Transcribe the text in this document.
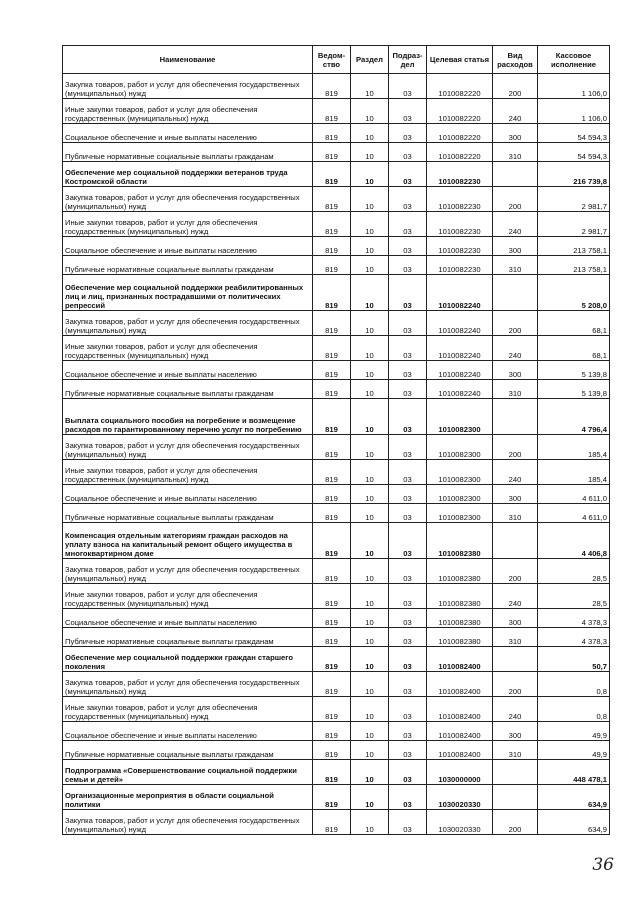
Наименование	Ведом-ство	Раздел	Подраз-дел	Целевая статья	Вид расходов	Кассовое исполнение
Закупка товаров, работ и услуг для обеспечения государственных (муниципальных) нужд	819	10	03	1010082220	200	1 106,0
Иные закупки товаров, работ и услуг для обеспечения государственных (муниципальных) нужд	819	10	03	1010082220	240	1 106,0
Социальное обеспечение и иные выплаты населению	819	10	03	1010082220	300	54 594,3
Публичные нормативные социальные выплаты гражданам	819	10	03	1010082220	310	54 594,3
Обеспечение мер социальной поддержки ветеранов труда Костромской области	819	10	03	1010082230		216 739,8
Закупка товаров, работ и услуг для обеспечения государственных (муниципальных) нужд	819	10	03	1010082230	200	2 981,7
Иные закупки товаров, работ и услуг для обеспечения государственных (муниципальных) нужд	819	10	03	1010082230	240	2 981,7
Социальное обеспечение и иные выплаты населению	819	10	03	1010082230	300	213 758,1
Публичные нормативные социальные выплаты гражданам	819	10	03	1010082230	310	213 758,1
Обеспечение мер социальной поддержки реабилитированных лиц и лиц, признанных пострадавшими от политических репрессий	819	10	03	1010082240		5 208,0
Закупка товаров, работ и услуг для обеспечения государственных (муниципальных) нужд	819	10	03	1010082240	200	68,1
Иные закупки товаров, работ и услуг для обеспечения государственных (муниципальных) нужд	819	10	03	1010082240	240	68,1
Социальное обеспечение и иные выплаты населению	819	10	03	1010082240	300	5 139,8
Публичные нормативные социальные выплаты гражданам	819	10	03	1010082240	310	5 139,8
Выплата социального пособия на погребение и возмещение расходов по гарантированному перечню услуг по погребению	819	10	03	1010082300		4 796,4
Закупка товаров, работ и услуг для обеспечения государственных (муниципальных) нужд	819	10	03	1010082300	200	185,4
Иные закупки товаров, работ и услуг для обеспечения государственных (муниципальных) нужд	819	10	03	1010082300	240	185,4
Социальное обеспечение и иные выплаты населению	819	10	03	1010082300	300	4 611,0
Публичные нормативные социальные выплаты гражданам	819	10	03	1010082300	310	4 611,0
Компенсация отдельным категориям граждан расходов на уплату взноса на капитальный ремонт общего имущества в многоквартирном доме	819	10	03	1010082380		4 406,8
Закупка товаров, работ и услуг для обеспечения государственных (муниципальных) нужд	819	10	03	1010082380	200	28,5
Иные закупки товаров, работ и услуг для обеспечения государственных (муниципальных) нужд	819	10	03	1010082380	240	28,5
Социальное обеспечение и иные выплаты населению	819	10	03	1010082380	300	4 378,3
Публичные нормативные социальные выплаты гражданам	819	10	03	1010082380	310	4 378,3
Обеспечение мер социальной поддержки граждан старшего поколения	819	10	03	1010082400		50,7
Закупка товаров, работ и услуг для обеспечения государственных (муниципальных) нужд	819	10	03	1010082400	200	0,8
Иные закупки товаров, работ и услуг для обеспечения государственных (муниципальных) нужд	819	10	03	1010082400	240	0,8
Социальное обеспечение и иные выплаты населению	819	10	03	1010082400	300	49,9
Публичные нормативные социальные выплаты гражданам	819	10	03	1010082400	310	49,9
Подпрограмма «Совершенствование социальной поддержки семьи и детей»	819	10	03	1030000000		448 478,1
Организационные мероприятия в области социальной политики	819	10	03	1030020330		634,9
Закупка товаров, работ и услуг для обеспечения государственных (муниципальных) нужд	819	10	03	1030020330	200	634,9
36
